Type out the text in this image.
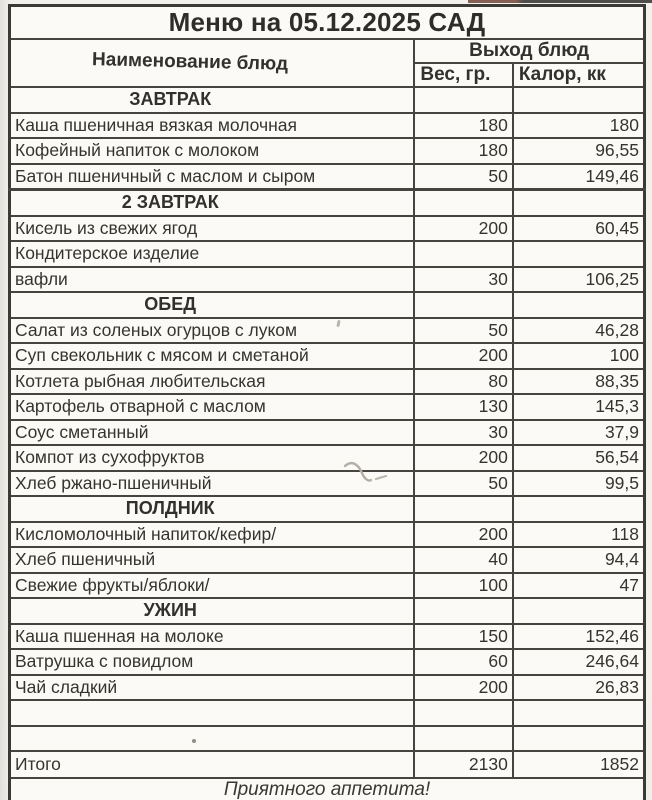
Меню на 05.12.2025 САД		
Наименование блюд	Выход блюд	
	Вес, гр.	Калор, кк
ЗАВТРАК		
Каша пшеничная вязкая молочная	180	180
Кофейный напиток с молоком	180	96,55
Батон пшеничный с маслом и сыром	50	149,46
2 ЗАВТРАК		
Кисель из свежих ягод	200	60,45
Кондитерское изделие		
вафли	30	106,25
ОБЕД		
Салат из соленых огурцов с луком	50	46,28
Суп свекольник с мясом и сметаной	200	100
Котлета рыбная любительская	80	88,35
Картофель отварной с маслом	130	145,3
Соус сметанный	30	37,9
Компот из сухофруктов	200	56,54
Хлеб ржано-пшеничный	50	99,5
ПОЛДНИК		
Кисломолочный напиток/кефир/	200	118
Хлеб пшеничный	40	94,4
Свежие фрукты/яблоки/	100	47
УЖИН		
Каша пшенная на молоке	150	152,46
Ватрушка с повидлом	60	246,64
Чай сладкий	200	26,83

Итого	2130	1852
Приятного аппетита!		
